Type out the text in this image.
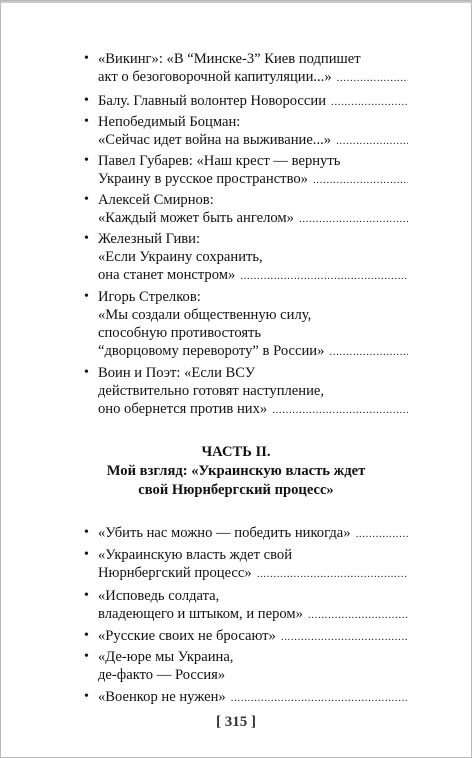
•
«Викинг»: «В “Минске-3” Киев подпишет
акт о безоговорочной капитуляции...»
.....
•
Балу. Главный волонтер Новороссии
.....
•
Непобедимый Боцман:
«Сейчас идет война на выживание...»
.....
•
Павел Губарев: «Наш крест — вернуть
Украину в русское пространство»
.....
•
Алексей Смирнов:
«Каждый может быть ангелом»
.....
•
Железный Гиви:
«Если Украину сохранить,
она станет монстром»
.....
•
Игорь Стрелков:
«Мы создали общественную силу,
способную противостоять
“дворцовому перевороту” в России»
.....
•
Воин и Поэт: «Если ВСУ
действительно готовят наступление,
оно обернется против них»
.....
ЧАСТЬ II.
Мой взгляд: «Украинскую власть ждет
свой Нюрнбергский процесс»
•
«Убить нас можно — победить никогда»
.....
•
«Украинскую власть ждет свой
Нюрнбергский процесс»
.....
•
«Исповедь солдата,
владеющего и штыком, и пером»
.....
•
«Русские своих не бросают»
.....
•
«Де-юре мы Украина,
де-факто — Россия»
•
«Военкор не нужен»
.....
[ 315 ]
